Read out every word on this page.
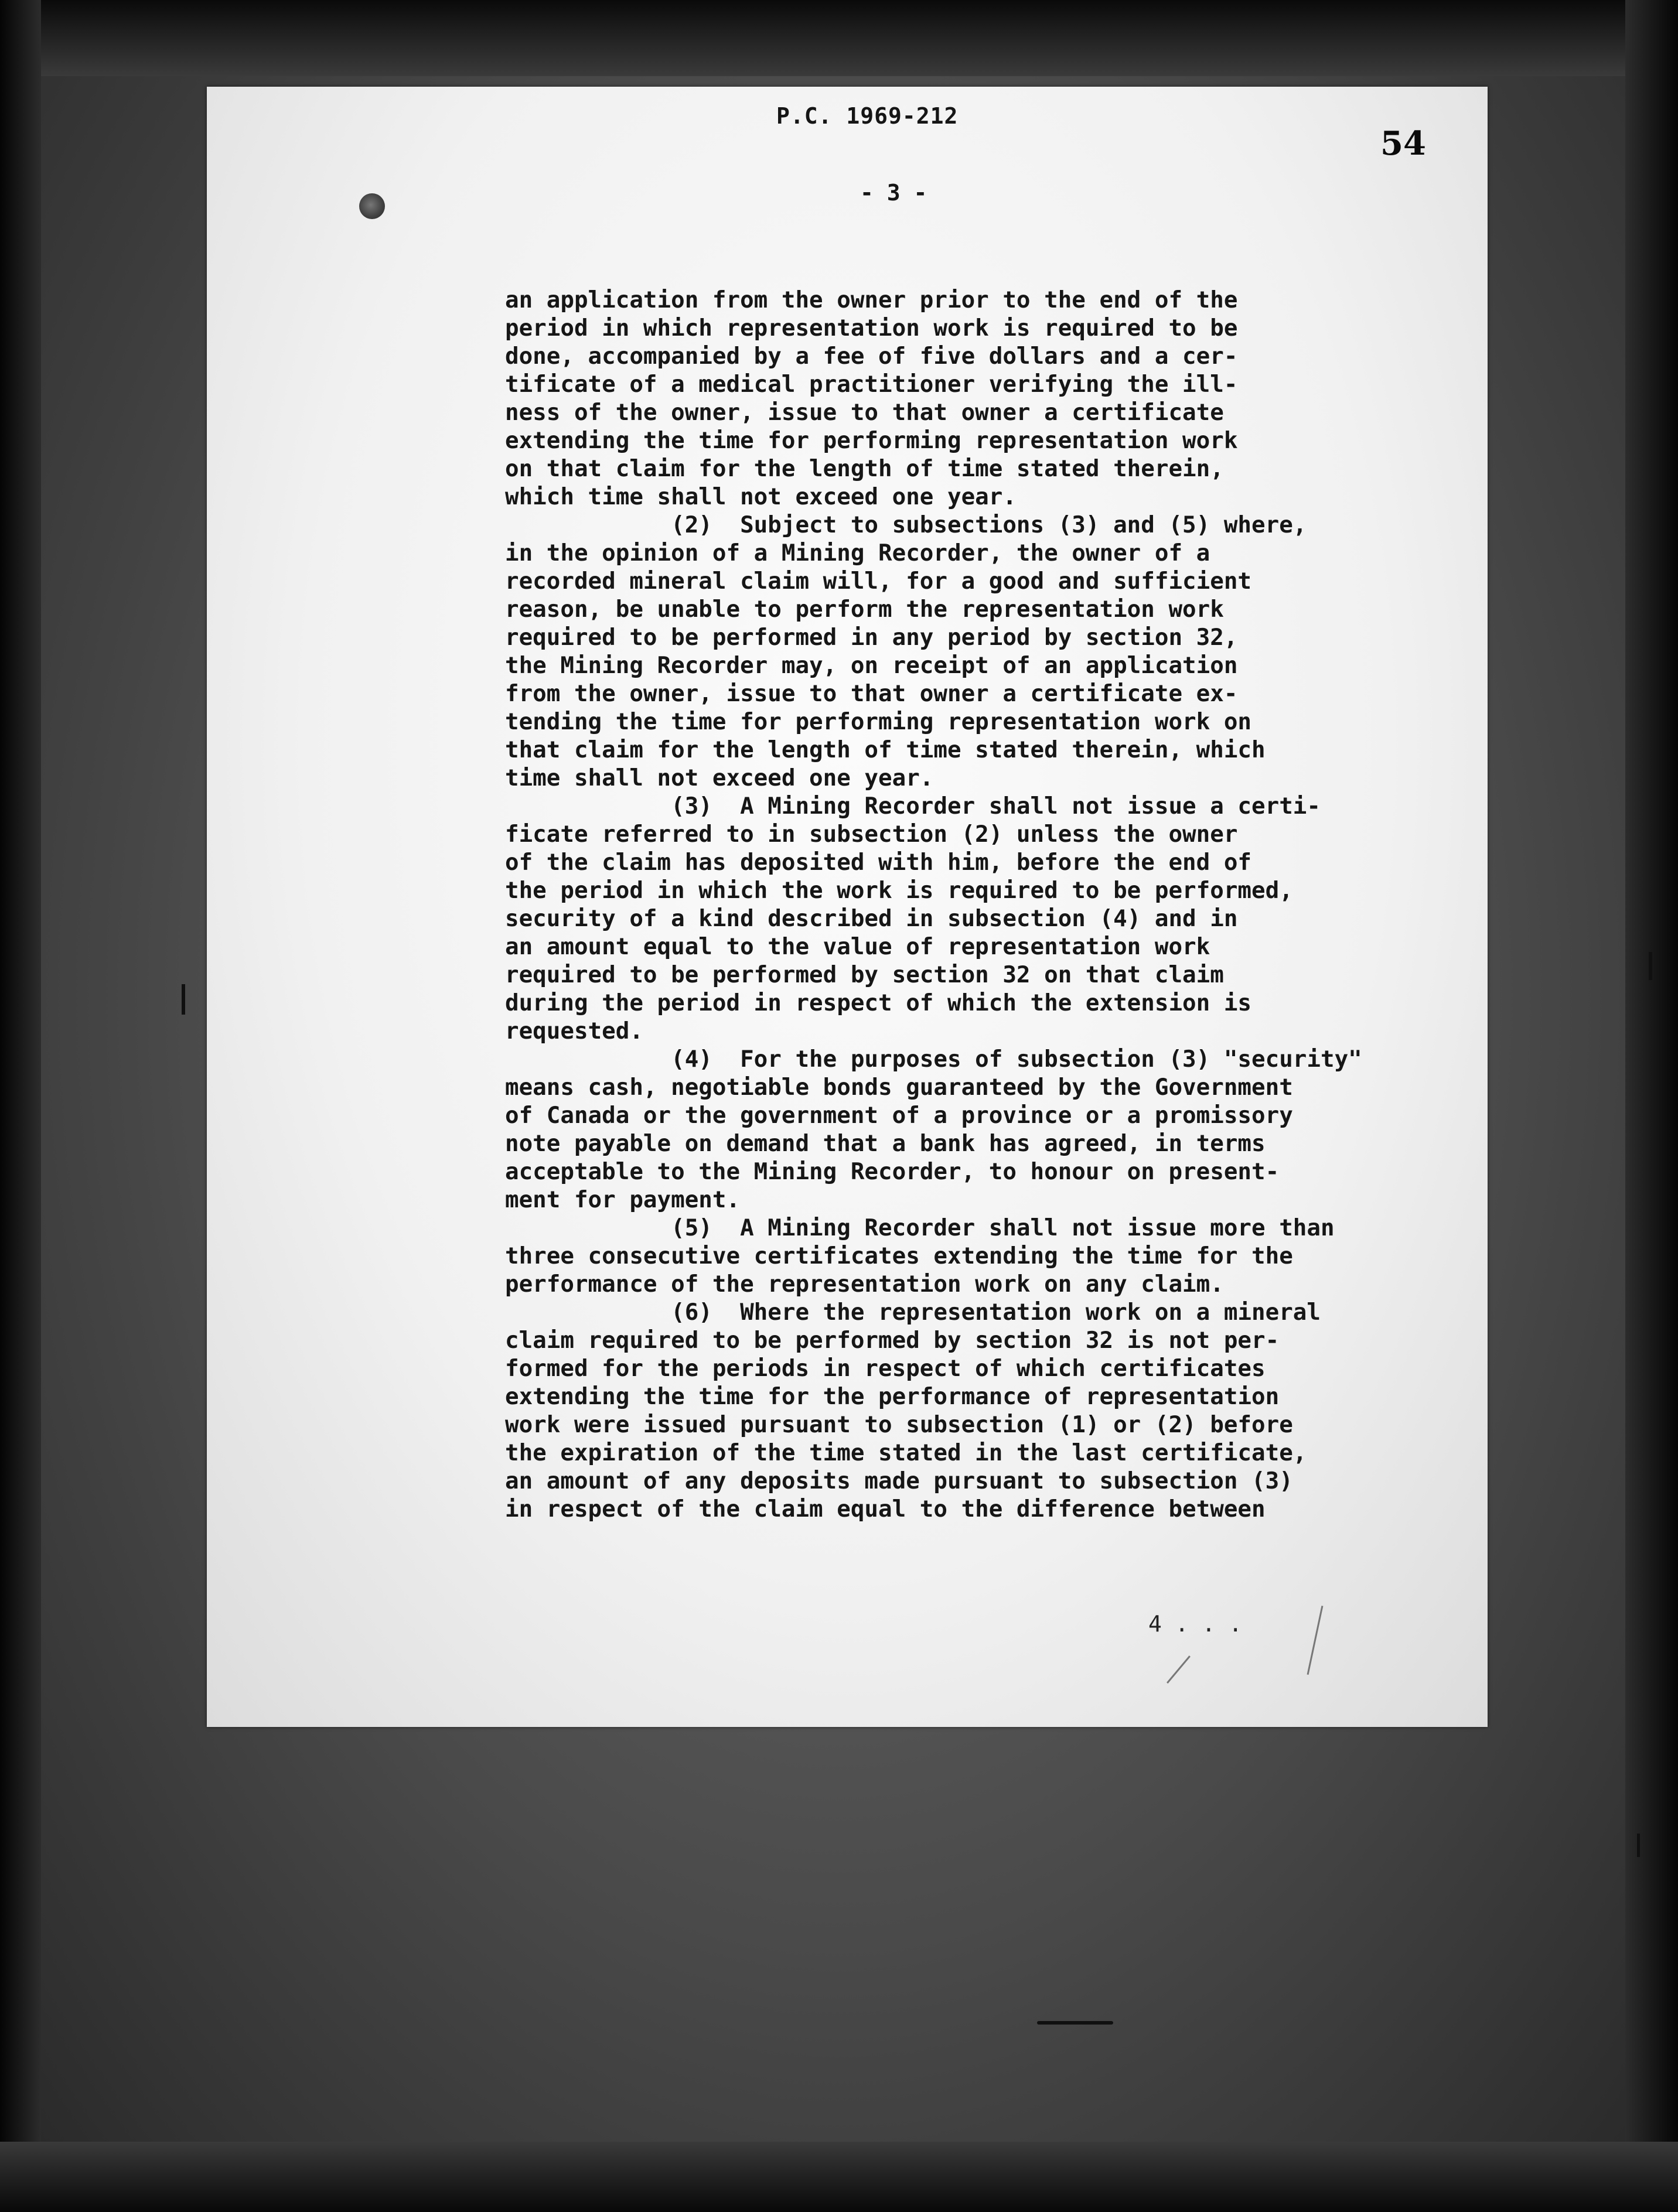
P.C. 1969-212
54
- 3 -
an application from the owner prior to the end of the
period in which representation work is required to be
done, accompanied by a fee of five dollars and a cer-
tificate of a medical practitioner verifying the ill-
ness of the owner, issue to that owner a certificate
extending the time for performing representation work
on that claim for the length of time stated therein,
which time shall not exceed one year.
(2)  Subject to subsections (3) and (5) where,
in the opinion of a Mining Recorder, the owner of a
recorded mineral claim will, for a good and sufficient
reason, be unable to perform the representation work
required to be performed in any period by section 32,
the Mining Recorder may, on receipt of an application
from the owner, issue to that owner a certificate ex-
tending the time for performing representation work on
that claim for the length of time stated therein, which
time shall not exceed one year.
(3)  A Mining Recorder shall not issue a certi-
ficate referred to in subsection (2) unless the owner
of the claim has deposited with him, before the end of
the period in which the work is required to be performed,
security of a kind described in subsection (4) and in
an amount equal to the value of representation work
required to be performed by section 32 on that claim
during the period in respect of which the extension is
requested.
(4)  For the purposes of subsection (3) "security"
means cash, negotiable bonds guaranteed by the Government
of Canada or the government of a province or a promissory
note payable on demand that a bank has agreed, in terms
acceptable to the Mining Recorder, to honour on present-
ment for payment.
(5)  A Mining Recorder shall not issue more than
three consecutive certificates extending the time for the
performance of the representation work on any claim.
(6)  Where the representation work on a mineral
claim required to be performed by section 32 is not per-
formed for the periods in respect of which certificates
extending the time for the performance of representation
work were issued pursuant to subsection (1) or (2) before
the expiration of the time stated in the last certificate,
an amount of any deposits made pursuant to subsection (3)
in respect of the claim equal to the difference between
4 . . .
